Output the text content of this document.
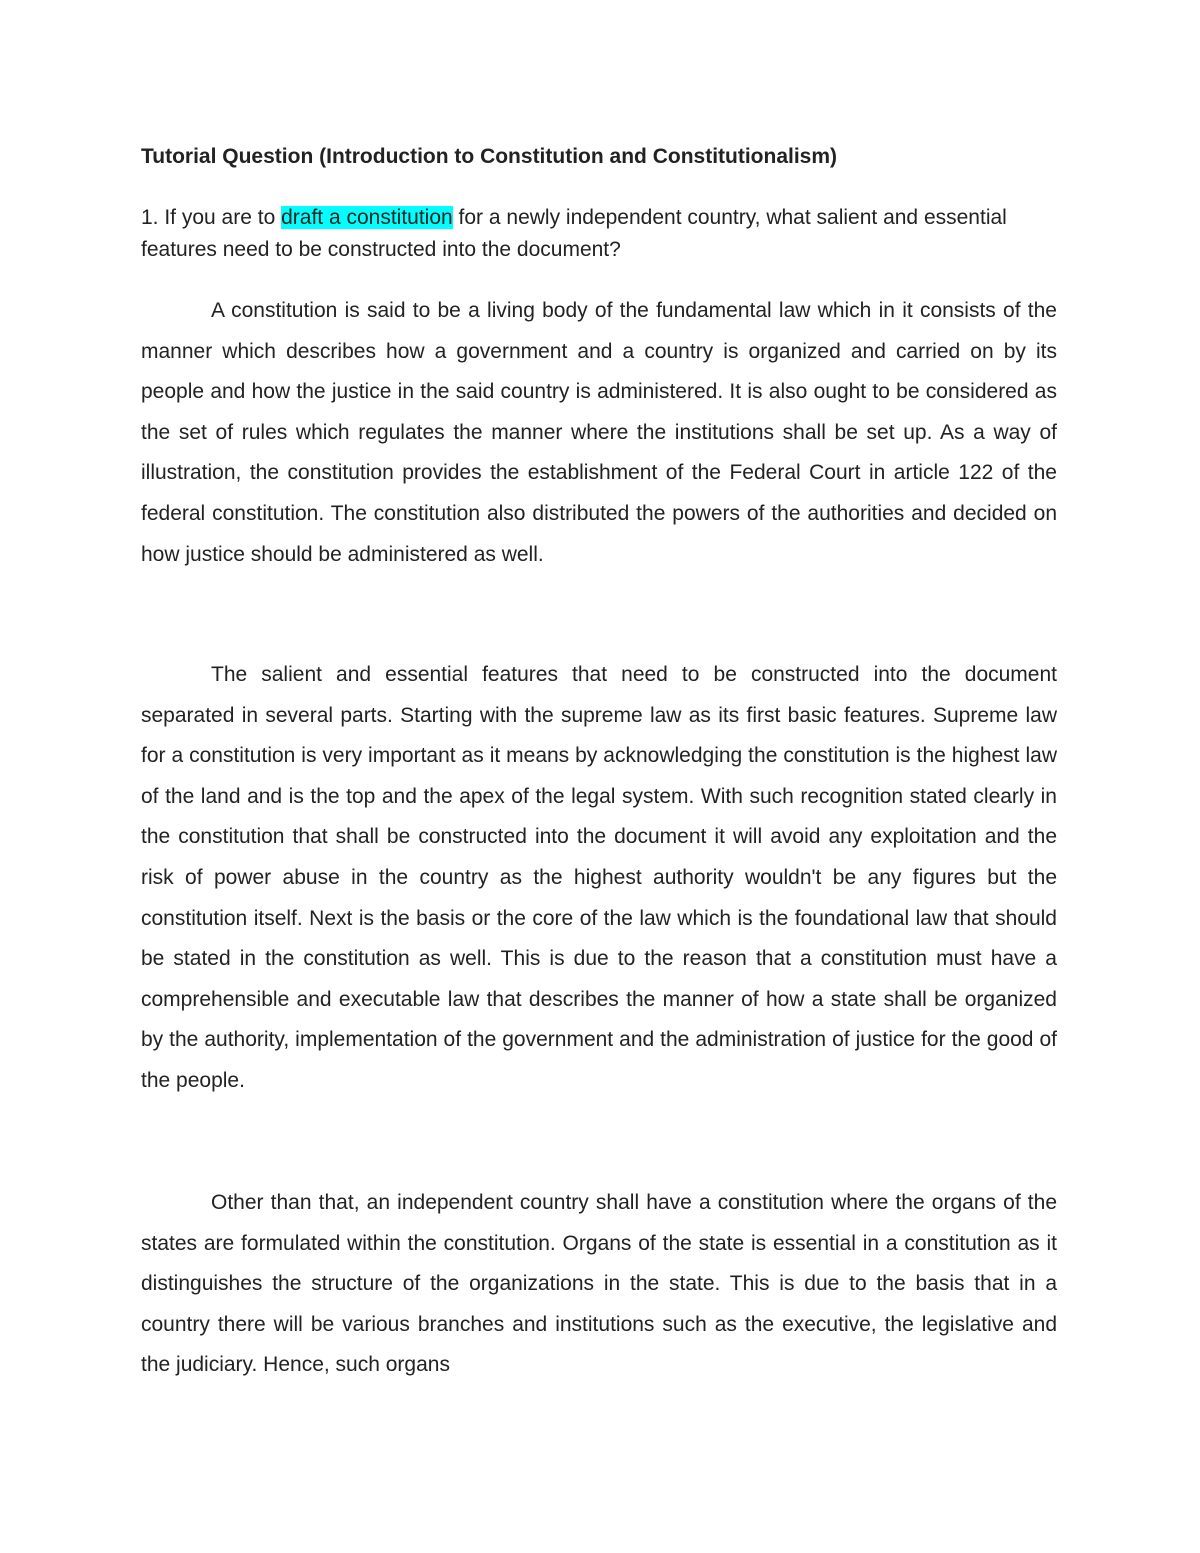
Tutorial Question (Introduction to Constitution and Constitutionalism)
1. If you are to draft a constitution for a newly independent country, what salient and essential features need to be constructed into the document?

A constitution is said to be a living body of the fundamental law which in it consists of the manner which describes how a government and a country is organized and carried on by its people and how the justice in the said country is administered. It is also ought to be considered as the set of rules which regulates the manner where the institutions shall be set up. As a way of illustration, the constitution provides the establishment of the Federal Court in article 122 of the federal constitution. The constitution also distributed the powers of the authorities and decided on how justice should be administered as well.

The salient and essential features that need to be constructed into the document separated in several parts. Starting with the supreme law as its first basic features. Supreme law for a constitution is very important as it means by acknowledging the constitution is the highest law of the land and is the top and the apex of the legal system. With such recognition stated clearly in the constitution that shall be constructed into the document it will avoid any exploitation and the risk of power abuse in the country as the highest authority wouldn't be any figures but the constitution itself. Next is the basis or the core of the law which is the foundational law that should be stated in the constitution as well. This is due to the reason that a constitution must have a comprehensible and executable law that describes the manner of how a state shall be organized by the authority, implementation of the government and the administration of justice for the good of the people.

Other than that, an independent country shall have a constitution where the organs of the states are formulated within the constitution. Organs of the state is essential in a constitution as it distinguishes the structure of the organizations in the state. This is due to the basis that in a country there will be various branches and institutions such as the executive, the legislative and the judiciary. Hence, such organs
